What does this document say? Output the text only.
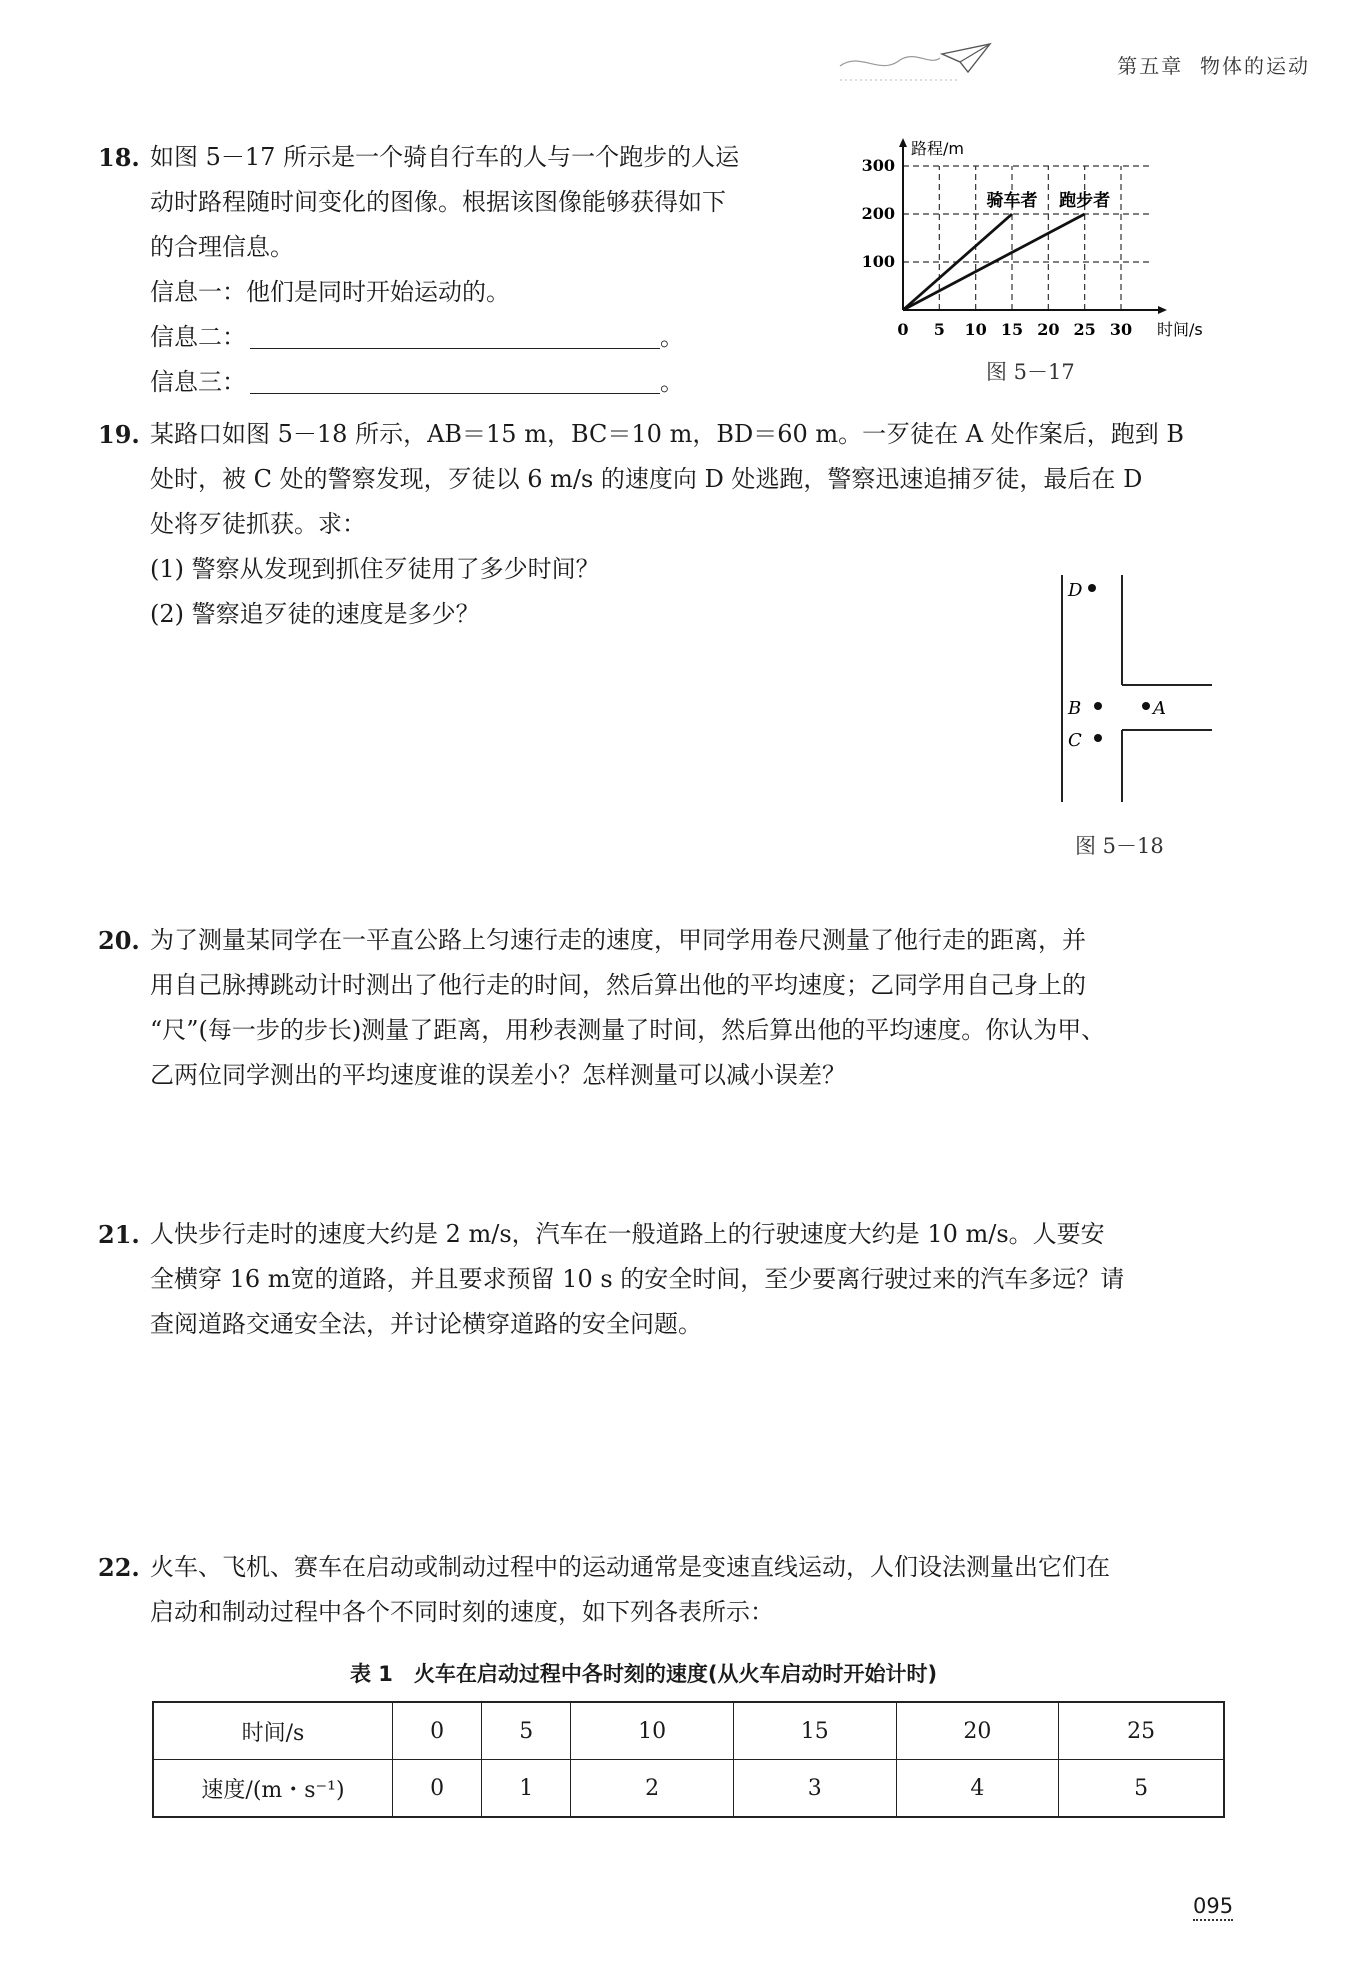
第五章 物体的运动
18. 如图 5－17 所示是一个骑自行车的人与一个跑步的人运
动时路程随时间变化的图像。根据该图像能够获得如下
的合理信息。
信息一：他们是同时开始运动的。
信息二：	。
信息三：	。
0 5 10 15 20 25 30
100
200
300
路程/m
时间/s
骑车者 跑步者
图 5－17
19. 某路口如图 5－18 所示，AB＝15 m，BC＝10 m，BD＝60 m。一歹徒在 A 处作案后，跑到 B
处时，被 C 处的警察发现，歹徒以 6 m/s 的速度向 D 处逃跑，警察迅速追捕歹徒，最后在 D
处将歹徒抓获。求：
(1) 警察从发现到抓住歹徒用了多少时间？
(2) 警察追歹徒的速度是多少？
D
B	A
C
图 5－18
20. 为了测量某同学在一平直公路上匀速行走的速度，甲同学用卷尺测量了他行走的距离，并
用自己脉搏跳动计时测出了他行走的时间，然后算出他的平均速度；乙同学用自己身上的
“尺”(每一步的步长)测量了距离，用秒表测量了时间，然后算出他的平均速度。你认为甲、
乙两位同学测出的平均速度谁的误差小？怎样测量可以减小误差？
21. 人快步行走时的速度大约是 2 m/s，汽车在一般道路上的行驶速度大约是 10 m/s。人要安
全横穿 16 m宽的道路，并且要求预留 10 s 的安全时间，至少要离行驶过来的汽车多远？请
查阅道路交通安全法，并讨论横穿道路的安全问题。
22. 火车、飞机、赛车在启动或制动过程中的运动通常是变速直线运动，人们设法测量出它们在
启动和制动过程中各个不同时刻的速度，如下列各表所示：
表 1　火车在启动过程中各时刻的速度(从火车启动时开始计时)
时间/s	0	5	10	15	20	25
速度/(m・s⁻¹)	0	1	2	3	4	5
095
